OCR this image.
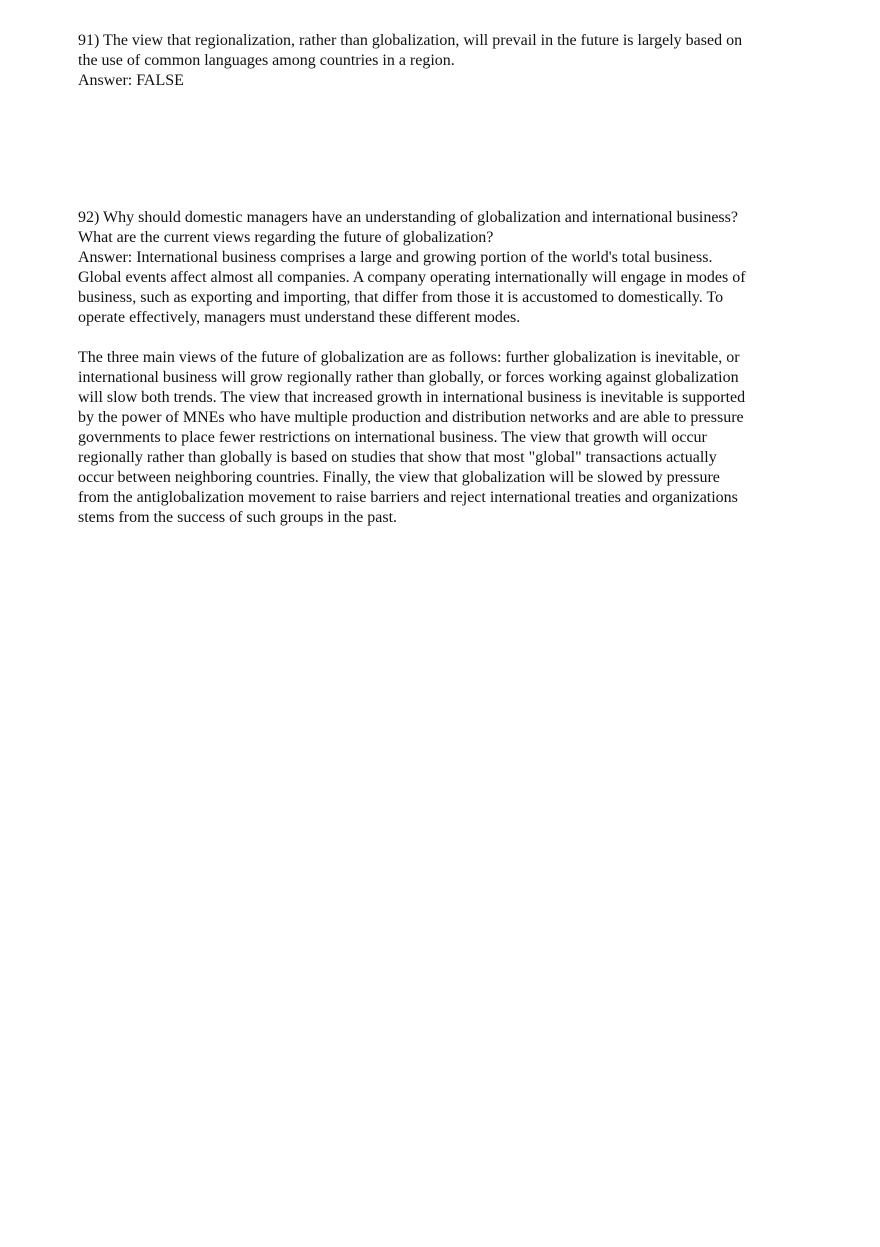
91) The view that regionalization, rather than globalization, will prevail in the future is largely based on
the use of common languages among countries in a region.
Answer: FALSE
92) Why should domestic managers have an understanding of globalization and international business?
What are the current views regarding the future of globalization?
Answer: International business comprises a large and growing portion of the world's total business.
Global events affect almost all companies. A company operating internationally will engage in modes of
business, such as exporting and importing, that differ from those it is accustomed to domestically. To
operate effectively, managers must understand these different modes.
The three main views of the future of globalization are as follows: further globalization is inevitable, or
international business will grow regionally rather than globally, or forces working against globalization
will slow both trends. The view that increased growth in international business is inevitable is supported
by the power of MNEs who have multiple production and distribution networks and are able to pressure
governments to place fewer restrictions on international business. The view that growth will occur
regionally rather than globally is based on studies that show that most "global" transactions actually
occur between neighboring countries. Finally, the view that globalization will be slowed by pressure
from the antiglobalization movement to raise barriers and reject international treaties and organizations
stems from the success of such groups in the past.
